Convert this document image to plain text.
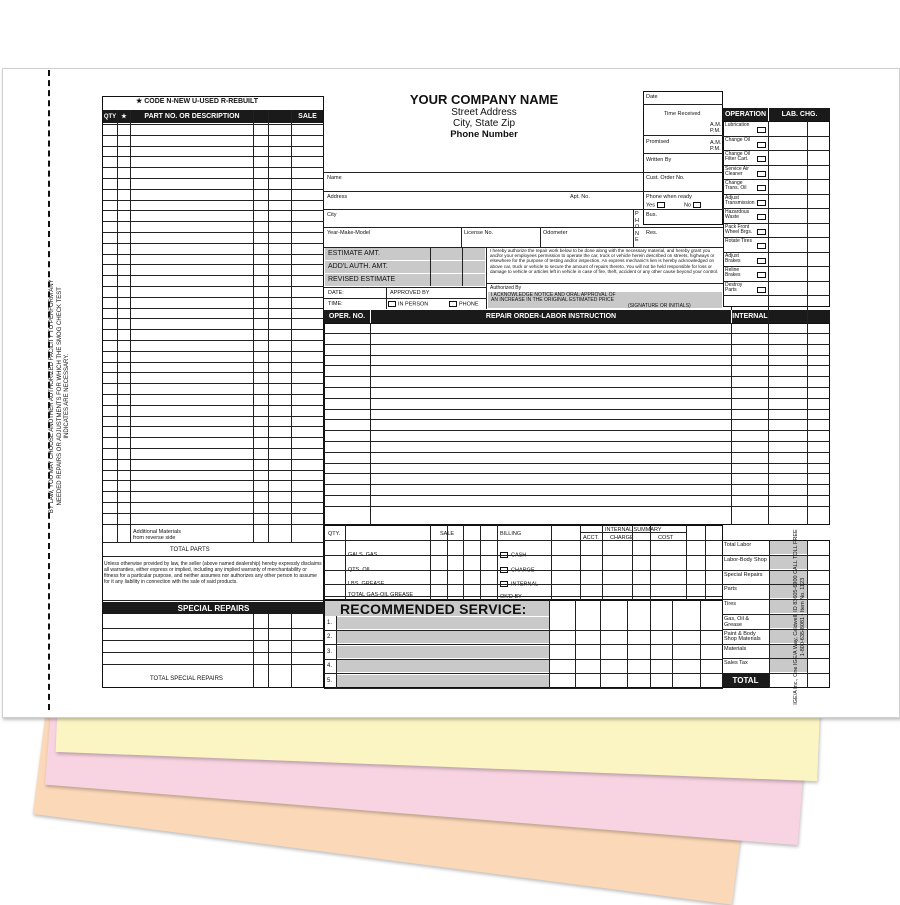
BY LAW, YOU MAY CHOOSE ANOTHER AUTHORIZED FACILITY TO PERFORM ANY NEEDED REPAIRS OR ADJUSTMENTS FOR WHICH THE SMOG CHECK TEST INDICATES ARE NECESSARY.
★ CODE N-NEW U-USED R-REBUILT
QTY ★	PART NO. OR DESCRIPTION	SALE
Additional Materials
from reverse side
TOTAL PARTS
Unless otherwise provided by law, the seller (above named dealership) hereby expressly disclaims all warranties, either express or implied, including any implied warranty of merchantability or fitness for a particular purpose, and neither assumes nor authorizes any other person to assume for it any liability in connection with the sale of said products.
SPECIAL REPAIRS
TOTAL SPECIAL REPAIRS
YOUR COMPANY NAME
Street Address
City, State Zip
Phone Number
Date
Time Received
A.M.
P.M.
Promised	A.M.
P.M.
Written By
Cust. Order No.
Phone when ready
Yes	No
OPERATION	LAB. CHG.
Lubrication
Change Oil
Change Oil Filter Cart.
Service Air Cleaner
Change Trans. Oil
Adjust Transmission
Hazardous Waste
Pack Front Wheel Brgs.
Rotate Tires
Adjust Brakes
Reline Brakes
Destroy Parts
Name
Address	Apt. No.
City
Year-Make-Model	License No.	Odometer
PHONE
Bus.
Res.
ESTIMATE AMT.
ADD'L AUTH. AMT.
REVISED ESTIMATE
DATE:	APPROVED BY
TIME:	IN PERSON	PHONE
I hereby authorize the repair work below to be done along with the necessary material, and hereby grant you and/or your employees permission to operate the car, truck or vehicle herein described on streets, highways or elsewhere for the purpose of testing and/or inspection. An express mechanic's lien is hereby acknowledged on above car, truck or vehicle to secure the amount of repairs thereto. You will not be held responsible for loss or damage to vehicle or articles left in vehicle in case of fire, theft, accident or any other cause beyond your control.
Authorized By
I ACKNOWLEDGE NOTICE AND ORAL APPROVAL OF AN INCREASE IN THE ORIGINAL ESTIMATED PRICE
(SIGNATURE OR INITIALS)
OPER. NO.	REPAIR ORDER-LABOR INSTRUCTION	INTERNAL
QTY.	SALE	BILLING
GALS. GAS
QTS. OIL
LBS. GREASE
TOTAL GAS-OIL GREASE
CASH
CHARGE
INTERNAL
OK'D BY
INTERNAL SUMMARY
ACCT. CHARGE	COST
RECOMMENDED SERVICE:
1.
2.
3.
4.
5.
Total Labor
Labor-Body Shop
Special Repairs
Parts
Tires
Gas, Oil & Grease
Paint & Body Shop Materials
Materials
Sales Tax
TOTAL	IGE/A Inc., One IGE/A Way, Caldwell, ID 83605-6900 CALL TOLL FREE 1-800-635-8081 • Item No. 1123
